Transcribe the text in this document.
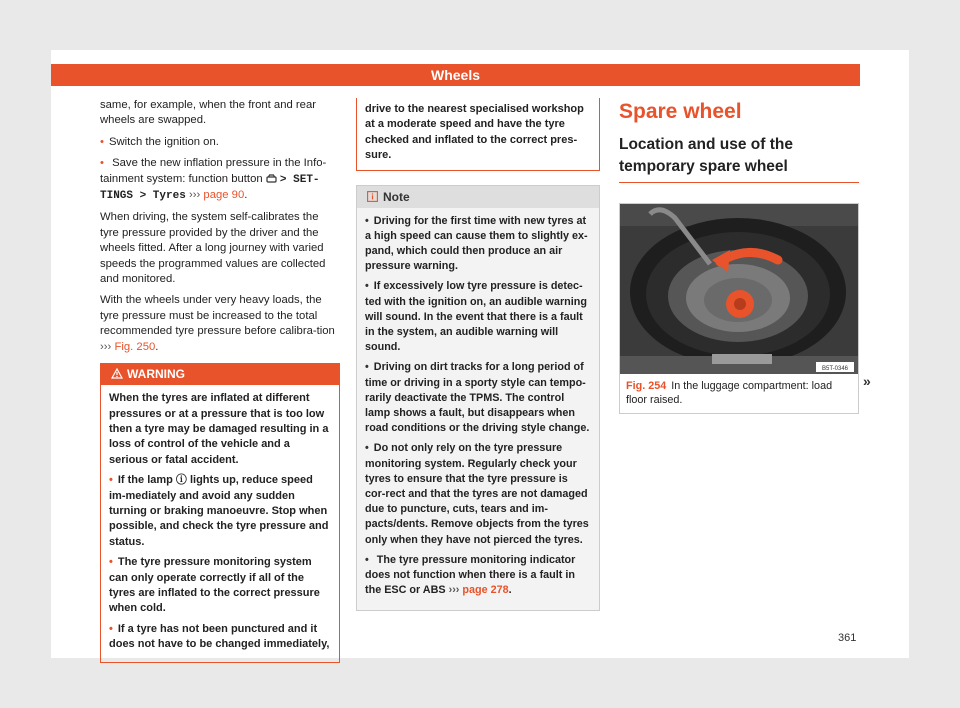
Wheels

same, for example, when the front and rear wheels are swapped.

• Switch the ignition on.

• Save the new inflation pressure in the Info-tainment system: function button > SET-TINGS > Tyres ››› page 90.

When driving, the system self-calibrates the tyre pressure provided by the driver and the wheels fitted. After a long journey with varied speeds the programmed values are collected and monitored.

With the wheels under very heavy loads, the tyre pressure must be increased to the total recommended tyre pressure before calibra-tion ››› Fig. 250.

WARNING

When the tyres are inflated at different pressures or at a pressure that is too low then a tyre may be damaged resulting in a loss of control of the vehicle and a serious or fatal accident.

• If the lamp ⓘ lights up, reduce speed im-mediately and avoid any sudden turning or braking manoeuvre. Stop when possible, and check the tyre pressure and status.

• The tyre pressure monitoring system can only operate correctly if all of the tyres are inflated to the correct pressure when cold.

• If a tyre has not been punctured and it does not have to be changed immediately,

drive to the nearest specialised workshop at a moderate speed and have the tyre checked and inflated to the correct pres-sure.

Note

• Driving for the first time with new tyres at a high speed can cause them to slightly ex-pand, which could then produce an air pressure warning.

• If excessively low tyre pressure is detec-ted with the ignition on, an audible warning will sound. In the event that there is a fault in the system, an audible warning will sound.

• Driving on dirt tracks for a long period of time or driving in a sporty style can tempo-rarily deactivate the TPMS. The control lamp shows a fault, but disappears when road conditions or the driving style change.

• Do not only rely on the tyre pressure monitoring system. Regularly check your tyres to ensure that the tyre pressure is cor-rect and that the tyres are not damaged due to puncture, cuts, tears and im-pacts/dents. Remove objects from the tyres only when they have not pierced the tyres.

• The tyre pressure monitoring indicator does not function when there is a fault in the ESC or ABS ››› page 278.

Spare wheel
Location and use of the temporary spare wheel
B5T-0346
Fig. 254 In the luggage compartment: load floor raised.
»
361
